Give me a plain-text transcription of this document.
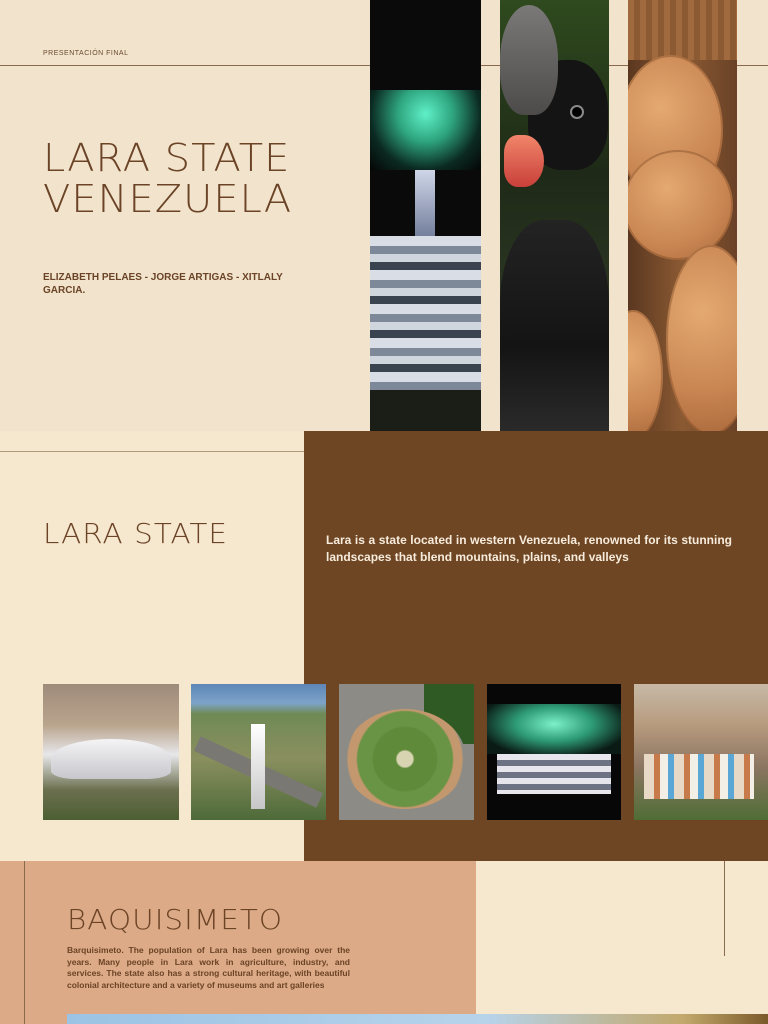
PRESENTACIÓN FINAL
LARA STATE
VENEZUELA
ELIZABETH PELAES - JORGE ARTIGAS - XITLALY GARCIA.
LARA STATE	Lara is a state located in western Venezuela, renowned for its stunning landscapes that blend mountains, plains, and valleys

BAQUISIMETO

Barquisimeto. The population of Lara has been growing over the years. Many people in Lara work in agriculture, industry, and services. The state also has a strong cultural heritage, with beautiful colonial architecture and a variety of museums and art galleries
